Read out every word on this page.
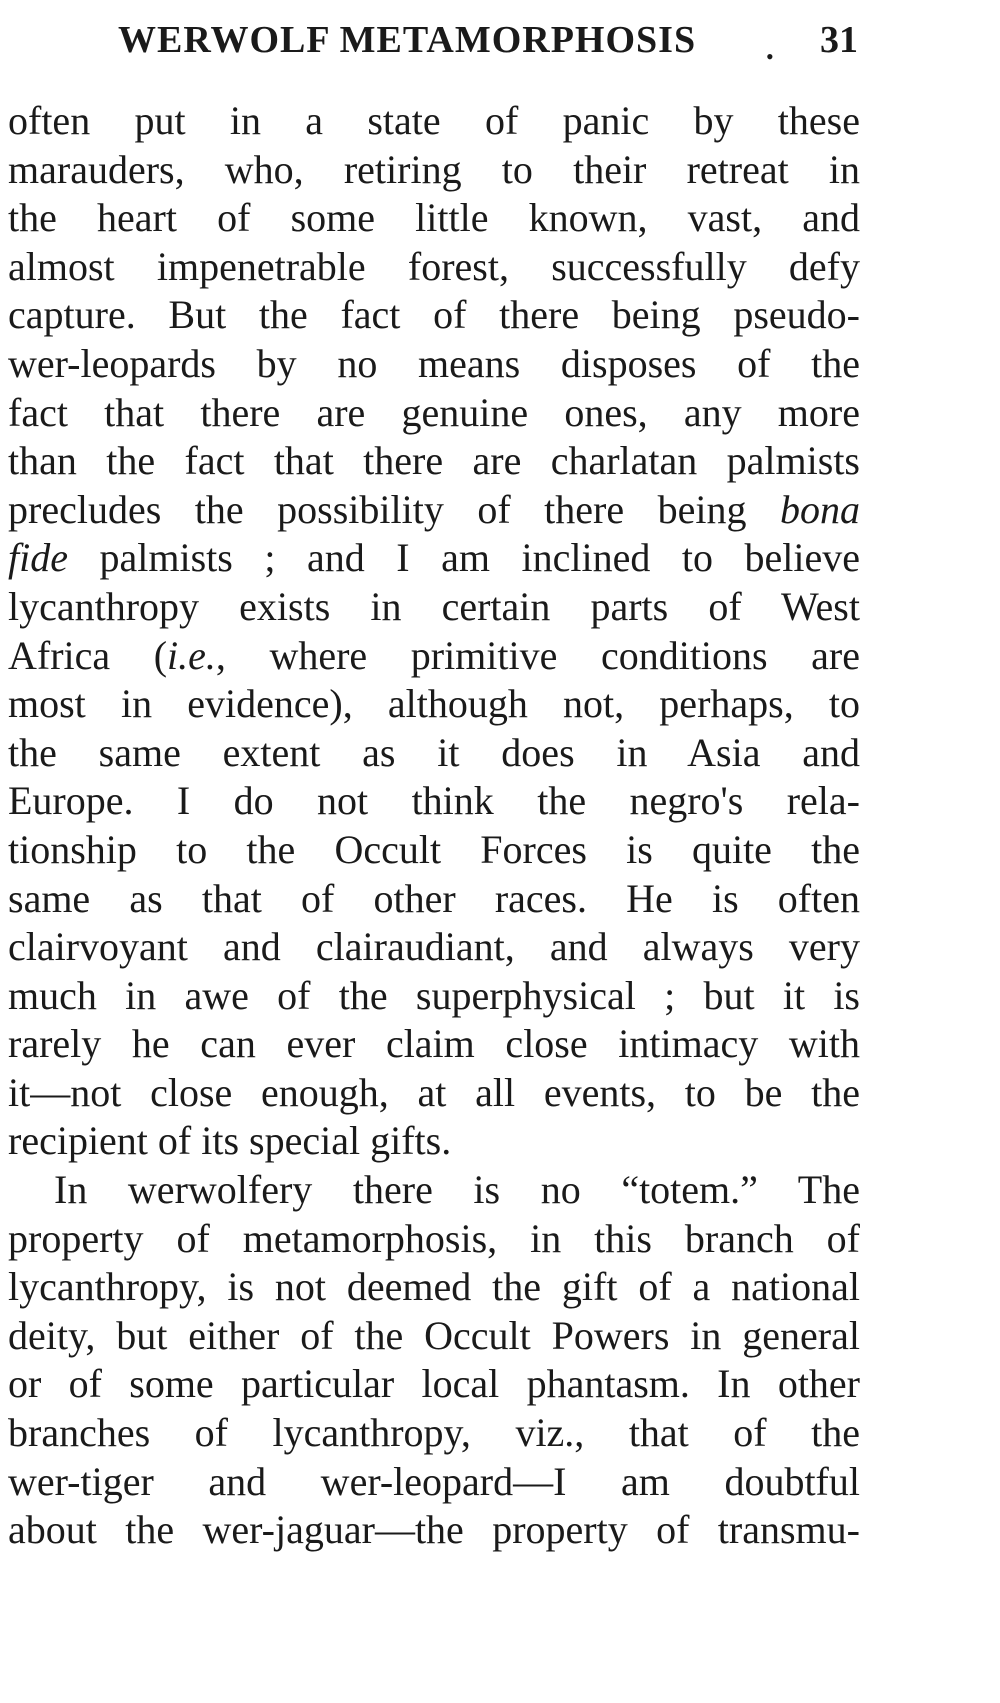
WERWOLF METAMORPHOSIS	• 31
often put in a state of panic by these
marauders, who, retiring to their retreat in
the heart of some little known, vast, and
almost impenetrable forest, successfully defy
capture. But the fact of there being pseudo-
wer-leopards by no means disposes of the
fact that there are genuine ones, any more
than the fact that there are charlatan palmists
precludes the possibility of there being bona
fide palmists ; and I am inclined to believe
lycanthropy exists in certain parts of West
Africa (i.e., where primitive conditions are
most in evidence), although not, perhaps, to
the same extent as it does in Asia and
Europe. I do not think the negro's rela-
tionship to the Occult Forces is quite the
same as that of other races. He is often
clairvoyant and clairaudiant, and always very
much in awe of the superphysical ; but it is
rarely he can ever claim close intimacy with
it—not close enough, at all events, to be the
recipient of its special gifts.
In werwolfery there is no “totem.” The
property of metamorphosis, in this branch of
lycanthropy, is not deemed the gift of a national
deity, but either of the Occult Powers in general
or of some particular local phantasm. In other
branches of lycanthropy, viz., that of the
wer-tiger and wer-leopard—I am doubtful
about the wer-jaguar—the property of transmu-
